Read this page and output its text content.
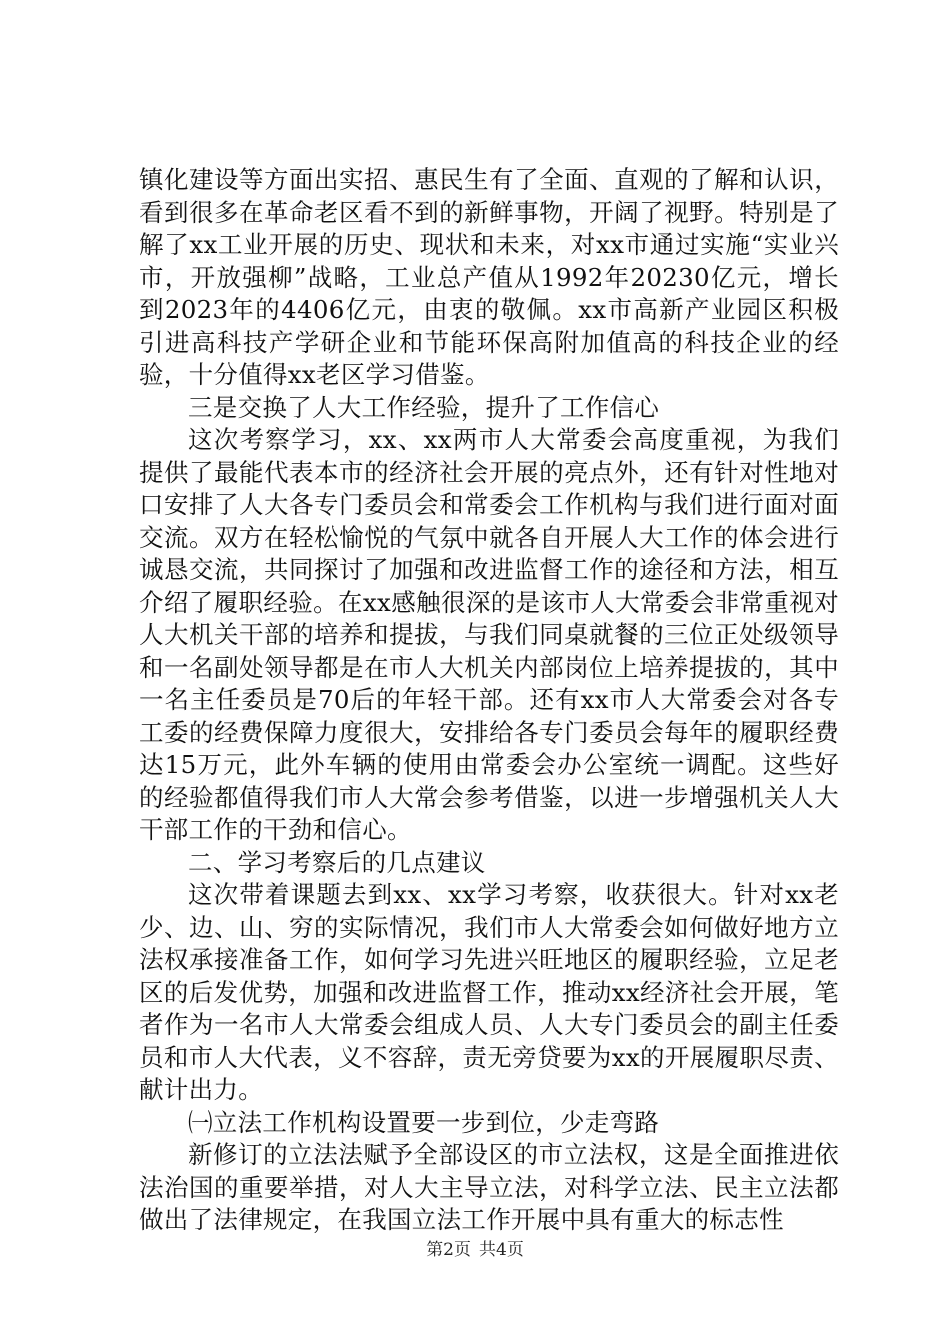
镇化建设等方面出实招、惠民生有了全面、直观的了解和认识，看到很多在革命老区看不到的新鲜事物，开阔了视野。特别是了解了xx工业开展的历史、现状和未来，对xx市通过实施“实业兴市，开放强柳”战略，工业总产值从1992年20230亿元，增长到2023年的4406亿元，由衷的敬佩。xx市高新产业园区积极引进高科技产学研企业和节能环保高附加值高的科技企业的经验，十分值得xx老区学习借鉴。

三是交换了人大工作经验，提升了工作信心

这次考察学习，xx、xx两市人大常委会高度重视，为我们提供了最能代表本市的经济社会开展的亮点外，还有针对性地对口安排了人大各专门委员会和常委会工作机构与我们进行面对面交流。双方在轻松愉悦的气氛中就各自开展人大工作的体会进行诚恳交流，共同探讨了加强和改进监督工作的途径和方法，相互介绍了履职经验。在xx感触很深的是该市人大常委会非常重视对人大机关干部的培养和提拔，与我们同桌就餐的三位正处级领导和一名副处领导都是在市人大机关内部岗位上培养提拔的，其中一名主任委员是70后的年轻干部。还有xx市人大常委会对各专工委的经费保障力度很大，安排给各专门委员会每年的履职经费达15万元，此外车辆的使用由常委会办公室统一调配。这些好的经验都值得我们市人大常会参考借鉴，以进一步增强机关人大干部工作的干劲和信心。

二、学习考察后的几点建议

这次带着课题去到xx、xx学习考察，收获很大。针对xx老少、边、山、穷的实际情况，我们市人大常委会如何做好地方立法权承接准备工作，如何学习先进兴旺地区的履职经验，立足老区的后发优势，加强和改进监督工作，推动xx经济社会开展，笔者作为一名市人大常委会组成人员、人大专门委员会的副主任委员和市人大代表，义不容辞，责无旁贷要为xx的开展履职尽责、献计出力。

㈠立法工作机构设置要一步到位，少走弯路

新修订的立法法赋予全部设区的市立法权，这是全面推进依法治国的重要举措，对人大主导立法，对科学立法、民主立法都做出了法律规定，在我国立法工作开展中具有重大的标志性

第2页 共4页
